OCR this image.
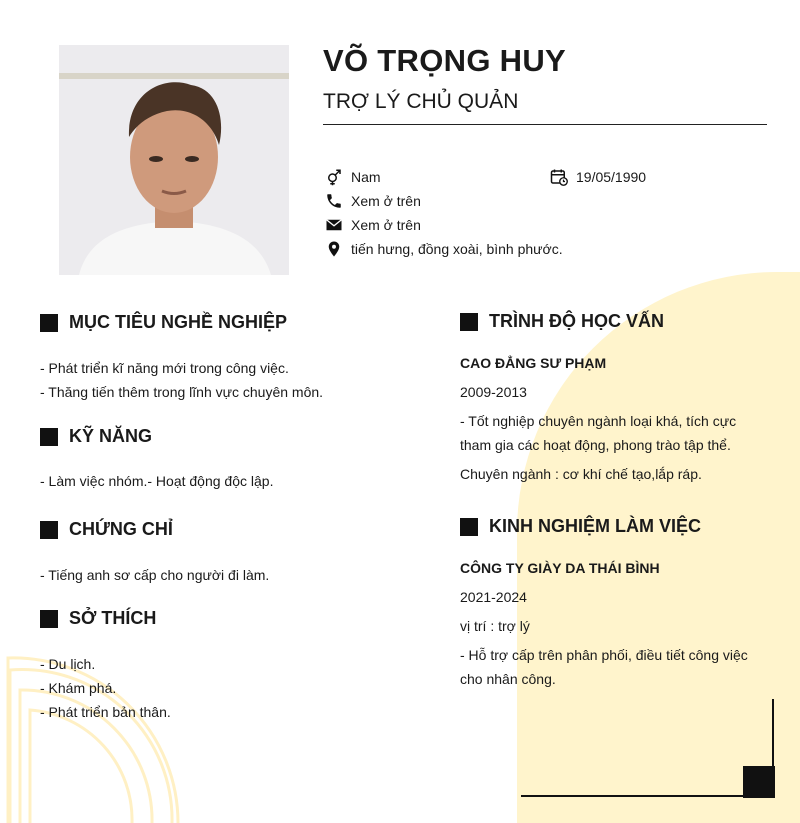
VÕ TRỌNG HUY
TRỢ LÝ CHỦ QUẢN
Nam	19/05/1990
Xem ở trên
Xem ở trên
tiến hưng, đồng xoài, bình phước.
MỤC TIÊU NGHỀ NGHIỆP

- Phát triển kĩ năng mới trong công việc.

- Thăng tiến thêm trong lĩnh vực chuyên môn.

KỸ NĂNG

- Làm việc nhóm.- Hoạt động độc lập.

CHỨNG CHỈ

- Tiếng anh sơ cấp cho người đi làm.

SỞ THÍCH

- Du lịch.

- Khám phá.

- Phát triển bản thân.

TRÌNH ĐỘ HỌC VẤN

CAO ĐẲNG SƯ PHẠM

2009-2013

- Tốt nghiệp chuyên ngành loại khá, tích cực

tham gia các hoạt động, phong trào tập thể.

Chuyên ngành : cơ khí chế tạo,lắp ráp.

KINH NGHIỆM LÀM VIỆC

CÔNG TY GIÀY DA THÁI BÌNH

2021-2024

vị trí : trợ lý

- Hỗ trợ cấp trên phân phối, điều tiết công việc

cho nhân công.
